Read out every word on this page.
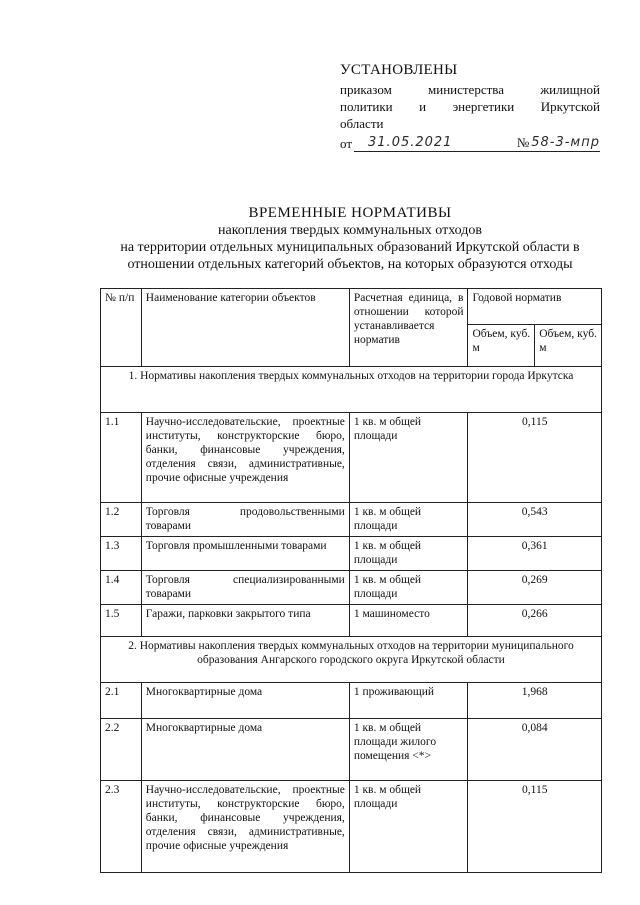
УСТАНОВЛЕНЫ
приказом министерства жилищной
политики и энергетики Иркутской
области
от 31.05.2021	№ 58-3-мпр
ВРЕМЕННЫЕ НОРМАТИВЫ
накопления твердых коммунальных отходов
на территории отдельных муниципальных образований Иркутской области в
отношении отдельных категорий объектов, на которых образуются отходы
№ п/п	Наименование категории объектов	Расчетная единица, в отношении которой устанавливается норматив	Годовой норматив	
			Объем, куб. м	Объем, куб. м
1. Нормативы накопления твердых коммунальных отходов на территории города Иркутска				
1.1	Научно-исследовательские, проектные институты, конструкторские бюро, банки, финансовые учреждения, отделения связи, административные, прочие офисные учреждения	1 кв. м общей площади	0,115	
1.2	Торговля продовольственными товарами	1 кв. м общей площади	0,543	
1.3	Торговля промышленными товарами	1 кв. м общей площади	0,361	
1.4	Торговля специализированными товарами	1 кв. м общей площади	0,269	
1.5	Гаражи, парковки закрытого типа	1 машиноместо	0,266	
2. Нормативы накопления твердых коммунальных отходов на территории муниципального образования Ангарского городского округа Иркутской области				
2.1	Многоквартирные дома	1 проживающий	1,968	
2.2	Многоквартирные дома	1 кв. м общей площади жилого помещения <*>	0,084	
2.3	Научно-исследовательские, проектные институты, конструкторские бюро, банки, финансовые учреждения, отделения связи, административные, прочие офисные учреждения	1 кв. м общей площади	0,115	
